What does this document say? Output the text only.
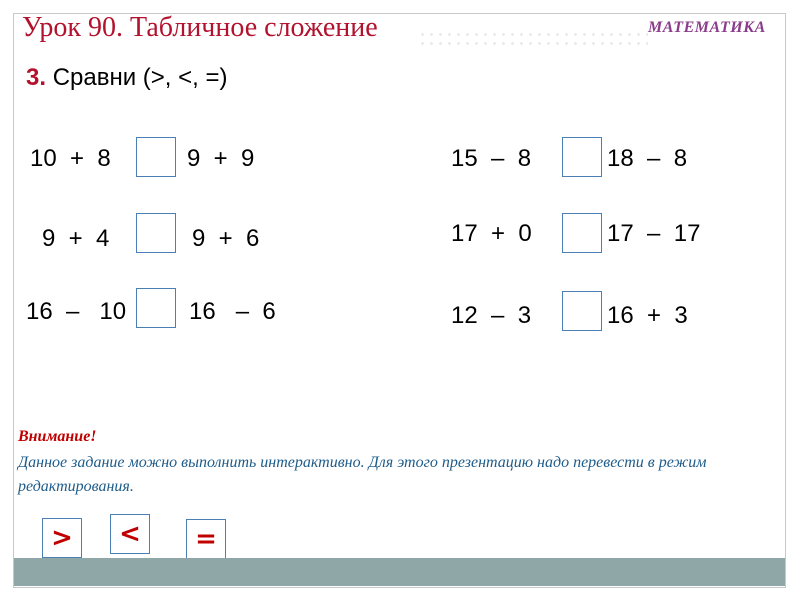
Урок 90. Табличное сложение	МАТЕМАТИКА
3. Сравни (>, <, =)
10  +  8	9  +  9
9  +  4	9  +  6
16  –   10	16   –  6
15  –  8	18  –  8
17  +  0	17  –  17
12  –  3	16  +  3
Внимание!
Данное задание можно выполнить интерактивно. Для этого презентацию надо перевести в режим редактирования.
>	<	=
